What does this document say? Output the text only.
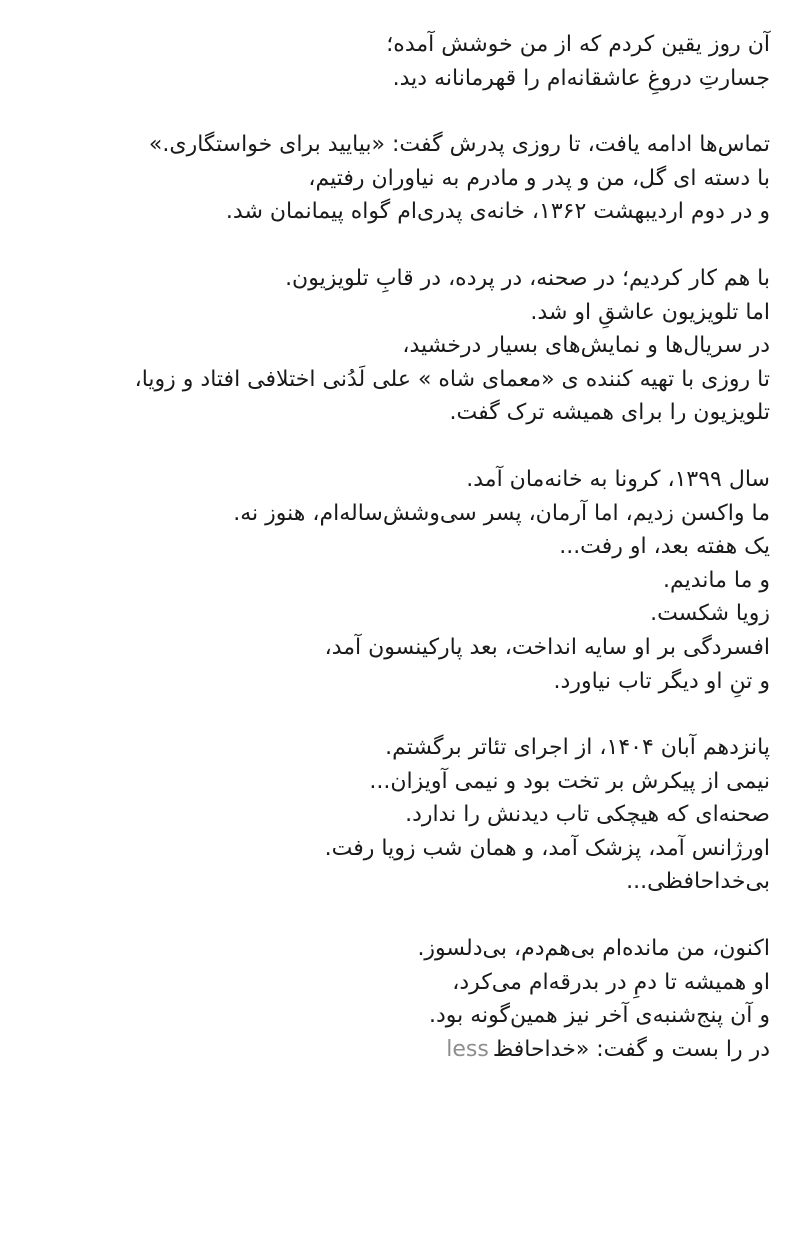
آن روز یقین کردم که از من خوشش آمده؛
جسارتِ دروغِ عاشقانه‌ام را قهرمانانه دید.
تماس‌ها ادامه یافت، تا روزی پدرش گفت: «بیایید برای خواستگاری.»
با دسته ای گل، من و پدر و مادرم به نیاوران رفتیم،
و در دوم اردیبهشت ۱۳۶۲، خانه‌ی پدری‌ام گواه پیمانمان شد.
با هم کار کردیم؛ در صحنه، در پرده، در قابِ تلویزیون.
اما تلویزیون عاشقِ او شد.
در سریال‌ها و نمایش‌های بسیار درخشید،
تا روزی با تهیه کننده ی «معمای شاه » علی لَدُنی اختلافی افتاد و زویا،
تلویزیون را برای همیشه ترک گفت.
سال ۱۳۹۹، کرونا به خانه‌مان آمد.
ما واکسن زدیم، اما آرمان، پسر سی‌وشش‌ساله‌ام، هنوز نه.
یک هفته بعد، او رفت...
و ما ماندیم.
زویا شکست.
افسردگی بر او سایه انداخت، بعد پارکینسون آمد،
و تنِ او دیگر تاب نیاورد.
پانزدهم آبان ۱۴۰۴، از اجرای تئاتر برگشتم.
نیمی از پیکرش بر تخت بود و نیمی آویزان...
صحنه‌ای که هیچکی تاب دیدنش را ندارد.
اورژانس آمد، پزشک آمد، و همان شب زویا رفت.
بی‌خداحافظی...
اکنون، من مانده‌ام بی‌هم‌دم، بی‌دلسوز.
او همیشه تا دمِ در بدرقه‌ام می‌کرد،
و آن پنج‌شنبه‌ی آخر نیز همین‌گونه بود.
در را بست و گفت: «خداحافظless
